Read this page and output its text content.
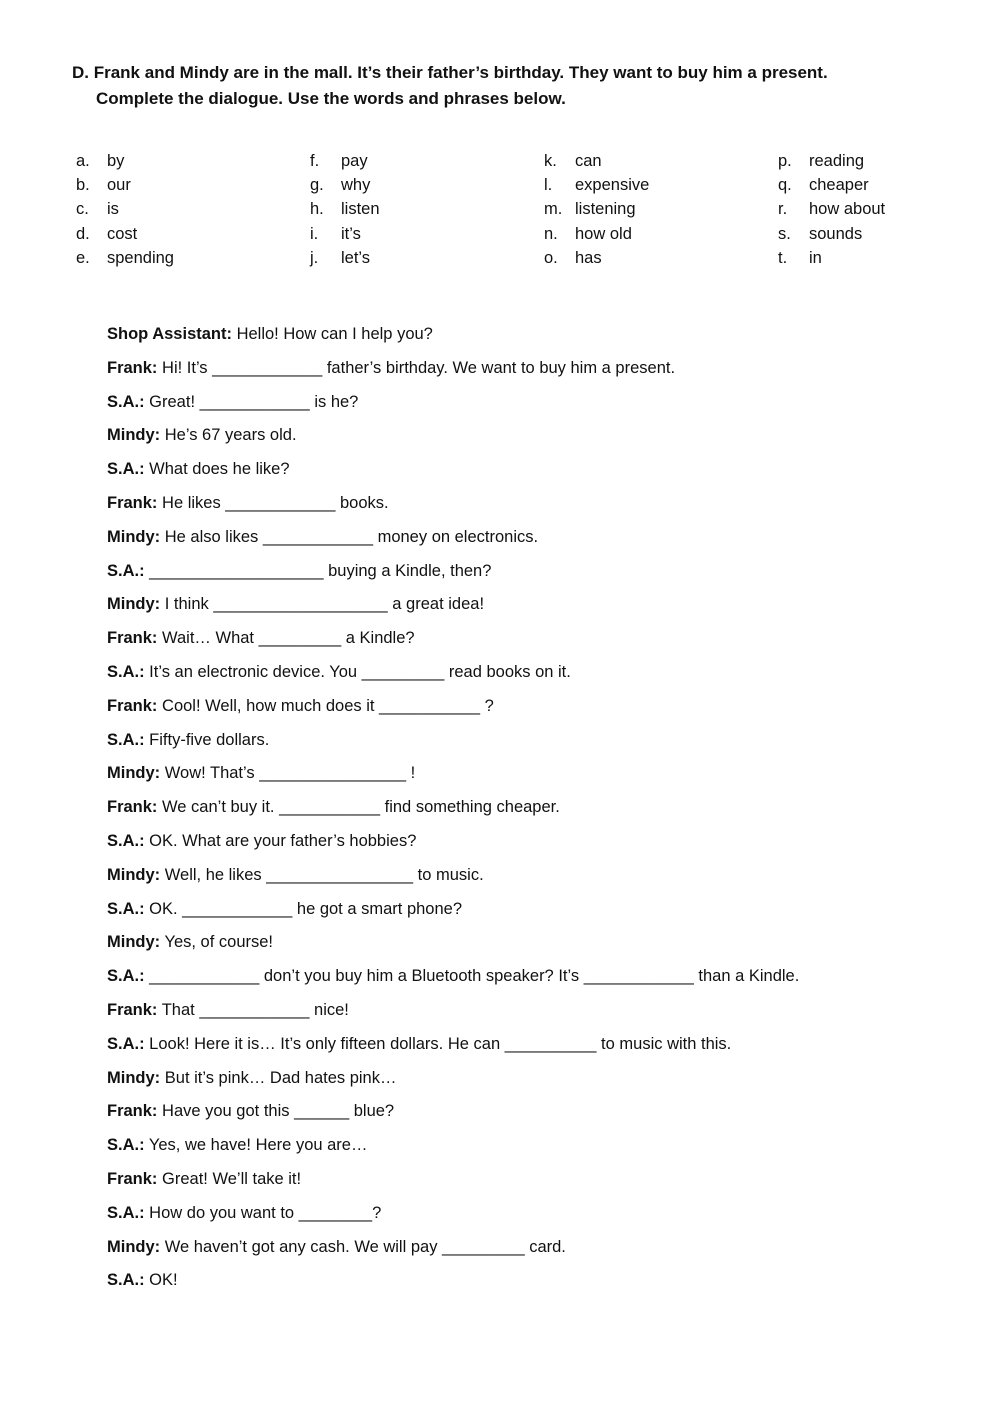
D. Frank and Mindy are in the mall. It’s their father’s birthday. They want to buy him a present.
Complete the dialogue. Use the words and phrases below.
a. by
b. our
c. is
d. cost
e. spending
f. pay
g. why
h. listen
i. it’s
j. let’s
k. can
l. expensive
m. listening
n. how old
o. has
p. reading
q. cheaper
r. how about
s. sounds
t. in
Shop Assistant: Hello! How can I help you?
Frank: Hi! It’s ____________ father’s birthday. We want to buy him a present.
S.A.: Great! ____________ is he?
Mindy: He’s 67 years old.
S.A.: What does he like?
Frank: He likes ____________ books.
Mindy: He also likes ____________ money on electronics.
S.A.: ___________________ buying a Kindle, then?
Mindy: I think ___________________ a great idea!
Frank: Wait… What _________ a Kindle?
S.A.: It’s an electronic device. You _________ read books on it.
Frank: Cool! Well, how much does it ___________ ?
S.A.: Fifty-five dollars.
Mindy: Wow! That’s ________________ !
Frank: We can’t buy it. ___________ find something cheaper.
S.A.: OK. What are your father’s hobbies?
Mindy: Well, he likes ________________ to music.
S.A.: OK. ____________ he got a smart phone?
Mindy: Yes, of course!
S.A.: ____________ don’t you buy him a Bluetooth speaker? It’s ____________ than a Kindle.
Frank: That ____________ nice!
S.A.: Look! Here it is… It’s only fifteen dollars. He can __________ to music with this.
Mindy: But it’s pink… Dad hates pink…
Frank: Have you got this ______ blue?
S.A.: Yes, we have! Here you are…
Frank: Great! We’ll take it!
S.A.: How do you want to ________?
Mindy: We haven’t got any cash. We will pay _________ card.
S.A.: OK!
